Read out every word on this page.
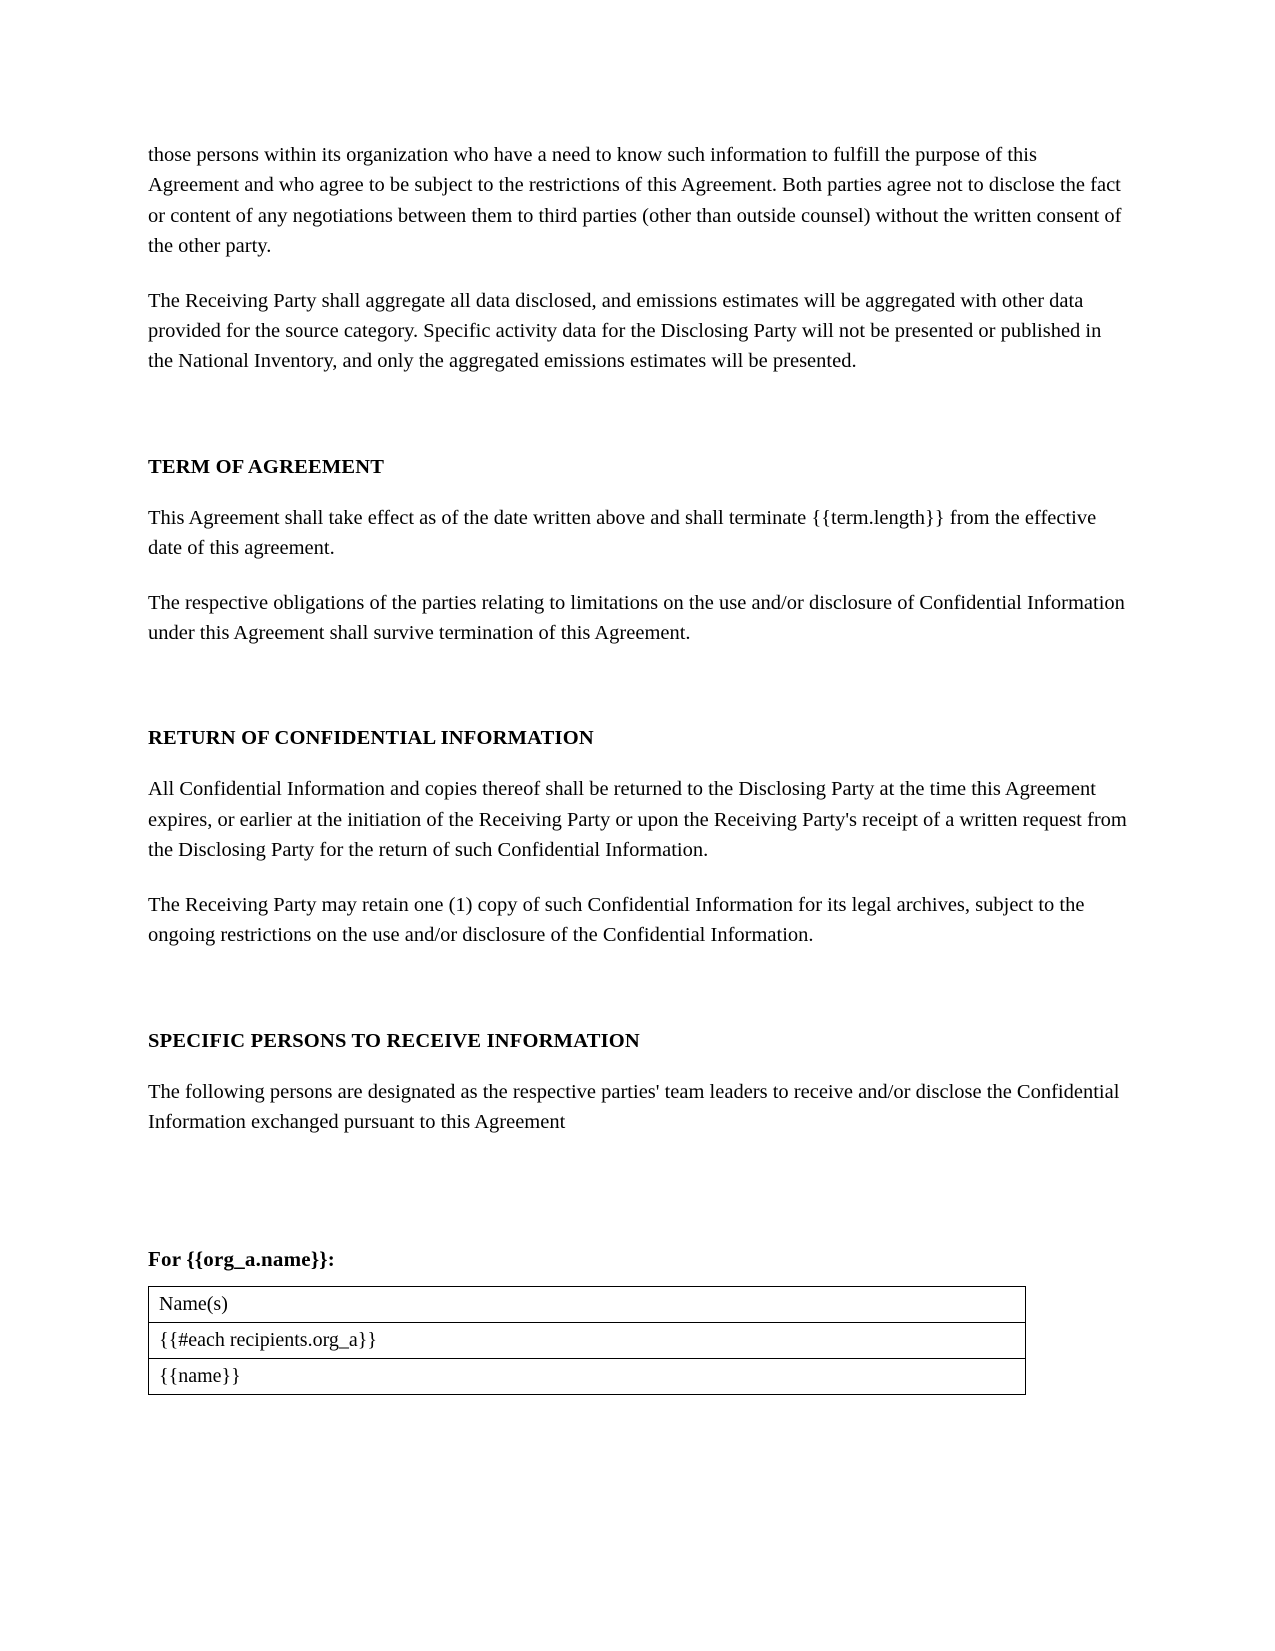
those persons within its organization who have a need to know such information to fulfill the purpose of this Agreement and who agree to be subject to the restrictions of this Agreement. Both parties agree not to disclose the fact or content of any negotiations between them to third parties (other than outside counsel) without the written consent of the other party.

The Receiving Party shall aggregate all data disclosed, and emissions estimates will be aggregated with other data provided for the source category. Specific activity data for the Disclosing Party will not be presented or published in the National Inventory, and only the aggregated emissions estimates will be presented.

TERM OF AGREEMENT

This Agreement shall take effect as of the date written above and shall terminate {{term.length}} from the effective date of this agreement.

The respective obligations of the parties relating to limitations on the use and/or disclosure of Confidential Information under this Agreement shall survive termination of this Agreement.

RETURN OF CONFIDENTIAL INFORMATION

All Confidential Information and copies thereof shall be returned to the Disclosing Party at the time this Agreement expires, or earlier at the initiation of the Receiving Party or upon the Receiving Party's receipt of a written request from the Disclosing Party for the return of such Confidential Information.

The Receiving Party may retain one (1) copy of such Confidential Information for its legal archives, subject to the ongoing restrictions on the use and/or disclosure of the Confidential Information.

SPECIFIC PERSONS TO RECEIVE INFORMATION

The following persons are designated as the respective parties' team leaders to receive and/or disclose the Confidential Information exchanged pursuant to this Agreement

For {{org_a.name}}:

Name(s)
{{#each recipients.org_a}}
{{name}}
